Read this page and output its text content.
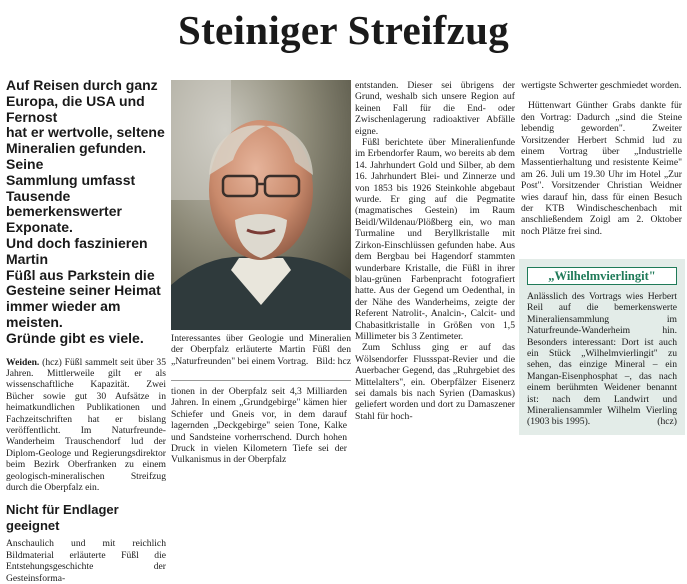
Steiniger Streifzug
Auf Reisen durch ganz
Europa, die USA und Fernost
hat er wertvolle, seltene
Mineralien gefunden. Seine
Sammlung umfasst Tausende
bemerkenswerter Exponate.
Und doch faszinieren Martin
Füßl aus Parkstein die
Gesteine seiner Heimat
immer wieder am meisten.
Gründe gibt es viele.

Weiden. (hcz) Füßl sammelt seit über 35 Jahren. Mittlerweile gilt er als wissenschaftliche Kapazität. Zwei Bücher sowie gut 30 Aufsätze in heimatkundlichen Publikationen und Fachzeitschriften hat er bislang veröffentlicht. Im Naturfreunde-Wanderheim Trauschendorf lud der Diplom-Geologe und Regierungsdirektor beim Bezirk Oberfranken zu einem geologisch-mineralischen Streifzug durch die Oberpfalz ein.

Nicht für Endlager geeignet

Anschaulich und mit reichlich Bildmaterial erläuterte Füßl die Entstehungsgeschichte der Gesteinsforma-

Interessantes über Geologie und Mineralien der Oberpfalz erläuterte Martin Füßl den „Naturfreunden" bei einem Vortrag. Bild: hcz

tionen in der Oberpfalz seit 4,3 Milliarden Jahren. In einem „Grundgebirge" kämen hier Schiefer und Gneis vor, in dem darauf lagernden „Deckgebirge" seien Tone, Kalke und Sandsteine vorherrschend. Durch hohen Druck in vielen Kilometern Tiefe sei der Vulkanismus in der Oberpfalz

entstanden. Dieser sei übrigens der Grund, weshalb sich unsere Region auf keinen Fall für die End- oder Zwischenlagerung radioaktiver Abfälle eigne.

Füßl berichtete über Mineralienfunde im Erbendorfer Raum, wo bereits ab dem 14. Jahrhundert Gold und Silber, ab dem 16. Jahrhundert Blei- und Zinnerze und von 1853 bis 1926 Steinkohle abgebaut wurde. Er ging auf die Pegmatite (magmatisches Gestein) im Raum Beidl/Wildenau/Plößberg ein, wo man Turmaline und Beryllkristalle mit Zirkon-Einschlüssen gefunden habe. Aus dem Bergbau bei Hagendorf stammten wunderbare Kristalle, die Füßl in ihrer blau-grünen Farbenpracht fotografiert hatte. Aus der Gegend um Oedenthal, in der Nähe des Wanderheims, zeigte der Referent Natrolit-, Analcin-, Calcit- und Chabasitkristalle in Größen von 1,5 Millimeter bis 3 Zentimeter.

Zum Schluss ging er auf das Wölsendorfer Flussspat-Revier und die Auerbacher Gegend, das „Ruhrgebiet des Mittelalters", ein. Oberpfälzer Eisenerz sei damals bis nach Syrien (Damaskus) geliefert worden und dort zu Damaszener Stahl für hoch-

wertigste Schwerter geschmiedet worden.

Hüttenwart Günther Grabs dankte für den Vortrag: Dadurch „sind die Steine lebendig geworden". Zweiter Vorsitzender Herbert Schmid lud zu einem Vortrag über „Industrielle Massentierhaltung und resistente Keime" am 26. Juli um 19.30 Uhr im Hotel „Zur Post". Vorsitzender Christian Weidner wies darauf hin, dass für einen Besuch der KTB Windischeschenbach mit anschließendem Zoigl am 2. Oktober noch Plätze frei sind.

„Wilhelmvierlingit"
Anlässlich des Vortrags wies Herbert Reil auf die bemerkenswerte Mineraliensammlung im Naturfreunde-Wanderheim hin. Besonders interessant: Dort ist auch ein Stück „Wilhelmvierlingit" zu sehen, das einzige Mineral – ein Mangan-Eisenphosphat –, das nach einem berühmten Weidener benannt ist: nach dem Landwirt und Mineraliensammler Wilhelm Vierling (1903 bis 1995).	(hcz)
